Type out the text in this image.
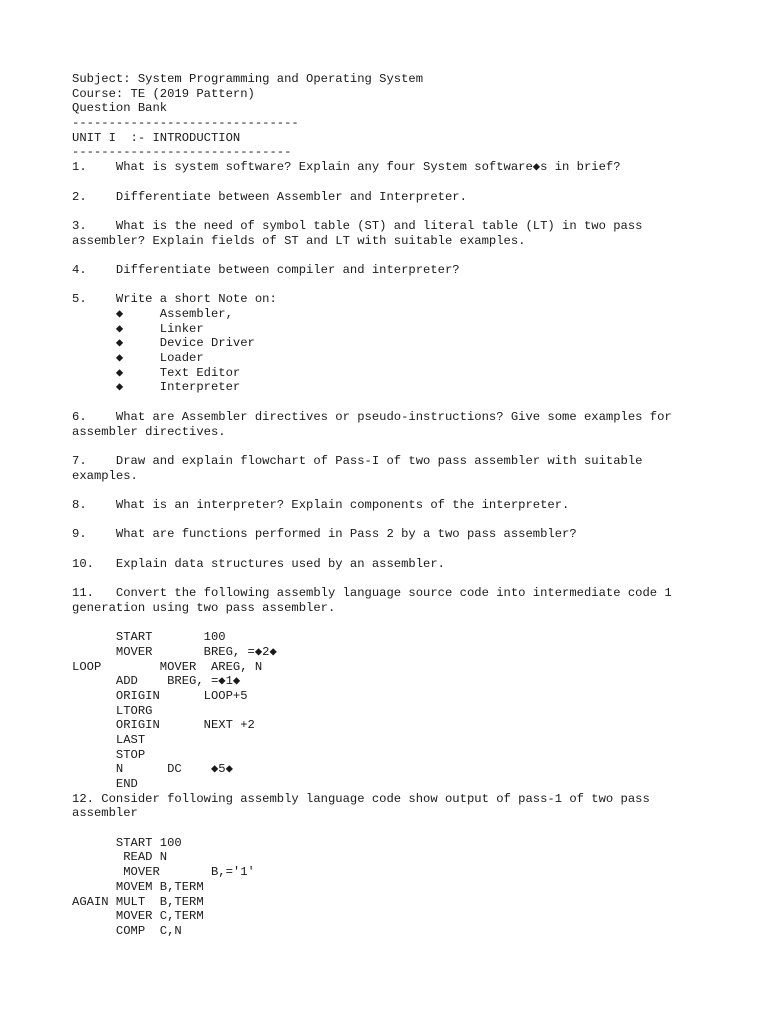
Subject: System Programming and Operating System
Course: TE (2019 Pattern)
Question Bank
-------------------------------
UNIT I  :- INTRODUCTION
------------------------------
1.    What is system software? Explain any four System software◆s in brief?

2.    Differentiate between Assembler and Interpreter.

3.    What is the need of symbol table (ST) and literal table (LT) in two pass
assembler? Explain fields of ST and LT with suitable examples.

4.    Differentiate between compiler and interpreter?

5.    Write a short Note on:
◆     Assembler,
◆     Linker
◆     Device Driver
◆     Loader
◆     Text Editor
◆     Interpreter

6.    What are Assembler directives or pseudo-instructions? Give some examples for
assembler directives.

7.    Draw and explain flowchart of Pass-I of two pass assembler with suitable
examples.

8.    What is an interpreter? Explain components of the interpreter.

9.    What are functions performed in Pass 2 by a two pass assembler?

10.   Explain data structures used by an assembler.

11.   Convert the following assembly language source code into intermediate code 1
generation using two pass assembler.

START       100
MOVER       BREG, =◆2◆
LOOP        MOVER  AREG, N
ADD    BREG, =◆1◆
ORIGIN      LOOP+5
LTORG
ORIGIN      NEXT +2
LAST
STOP
N      DC    ◆5◆
END
12. Consider following assembly language code show output of pass-1 of two pass
assembler

START 100
READ N
MOVER       B,='1'
MOVEM B,TERM
AGAIN MULT  B,TERM
MOVER C,TERM
COMP  C,N
